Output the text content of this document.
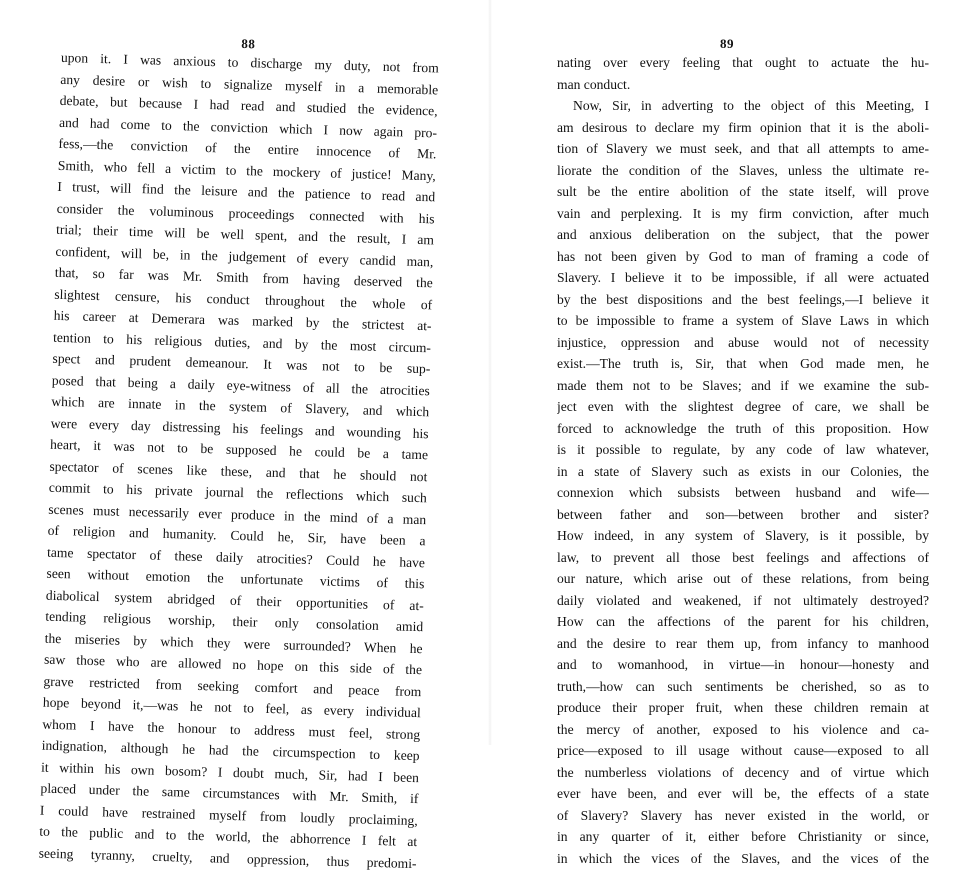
88
upon it. I was anxious to discharge my duty, not from
any desire or wish to signalize myself in a memorable
debate, but because I had read and studied the evidence,
and had come to the conviction which I now again pro-
fess,—the conviction of the entire innocence of Mr.
Smith, who fell a victim to the mockery of justice! Many,
I trust, will find the leisure and the patience to read and
consider the voluminous proceedings connected with his
trial; their time will be well spent, and the result, I am
confident, will be, in the judgement of every candid man,
that, so far was Mr. Smith from having deserved the
slightest censure, his conduct throughout the whole of
his career at Demerara was marked by the strictest at-
tention to his religious duties, and by the most circum-
spect and prudent demeanour. It was not to be sup-
posed that being a daily eye-witness of all the atrocities
which are innate in the system of Slavery, and which
were every day distressing his feelings and wounding his
heart, it was not to be supposed he could be a tame
spectator of scenes like these, and that he should not
commit to his private journal the reflections which such
scenes must necessarily ever produce in the mind of a man
of religion and humanity. Could he, Sir, have been a
tame spectator of these daily atrocities? Could he have
seen without emotion the unfortunate victims of this
diabolical system abridged of their opportunities of at-
tending religious worship, their only consolation amid
the miseries by which they were surrounded? When he
saw those who are allowed no hope on this side of the
grave restricted from seeking comfort and peace from
hope beyond it,—was he not to feel, as every individual
whom I have the honour to address must feel, strong
indignation, although he had the circumspection to keep
it within his own bosom? I doubt much, Sir, had I been
placed under the same circumstances with Mr. Smith, if
I could have restrained myself from loudly proclaiming,
to the public and to the world, the abhorrence I felt at
seeing tyranny, cruelty, and oppression, thus predomi-
89
nating over every feeling that ought to actuate the hu-
man conduct.
Now, Sir, in adverting to the object of this Meeting, I
am desirous to declare my firm opinion that it is the aboli-
tion of Slavery we must seek, and that all attempts to ame-
liorate the condition of the Slaves, unless the ultimate re-
sult be the entire abolition of the state itself, will prove
vain and perplexing. It is my firm conviction, after much
and anxious deliberation on the subject, that the power
has not been given by God to man of framing a code of
Slavery. I believe it to be impossible, if all were actuated
by the best dispositions and the best feelings,—I believe it
to be impossible to frame a system of Slave Laws in which
injustice, oppression and abuse would not of necessity
exist.—The truth is, Sir, that when God made men, he
made them not to be Slaves; and if we examine the sub-
ject even with the slightest degree of care, we shall be
forced to acknowledge the truth of this proposition. How
is it possible to regulate, by any code of law whatever,
in a state of Slavery such as exists in our Colonies, the
connexion which subsists between husband and wife—
between father and son—between brother and sister?
How indeed, in any system of Slavery, is it possible, by
law, to prevent all those best feelings and affections of
our nature, which arise out of these relations, from being
daily violated and weakened, if not ultimately destroyed?
How can the affections of the parent for his children,
and the desire to rear them up, from infancy to manhood
and to womanhood, in virtue—in honour—honesty and
truth,—how can such sentiments be cherished, so as to
produce their proper fruit, when these children remain at
the mercy of another, exposed to his violence and ca-
price—exposed to ill usage without cause—exposed to all
the numberless violations of decency and of virtue which
ever have been, and ever will be, the effects of a state
of Slavery? Slavery has never existed in the world, or
in any quarter of it, either before Christianity or since,
in which the vices of the Slaves, and the vices of the
